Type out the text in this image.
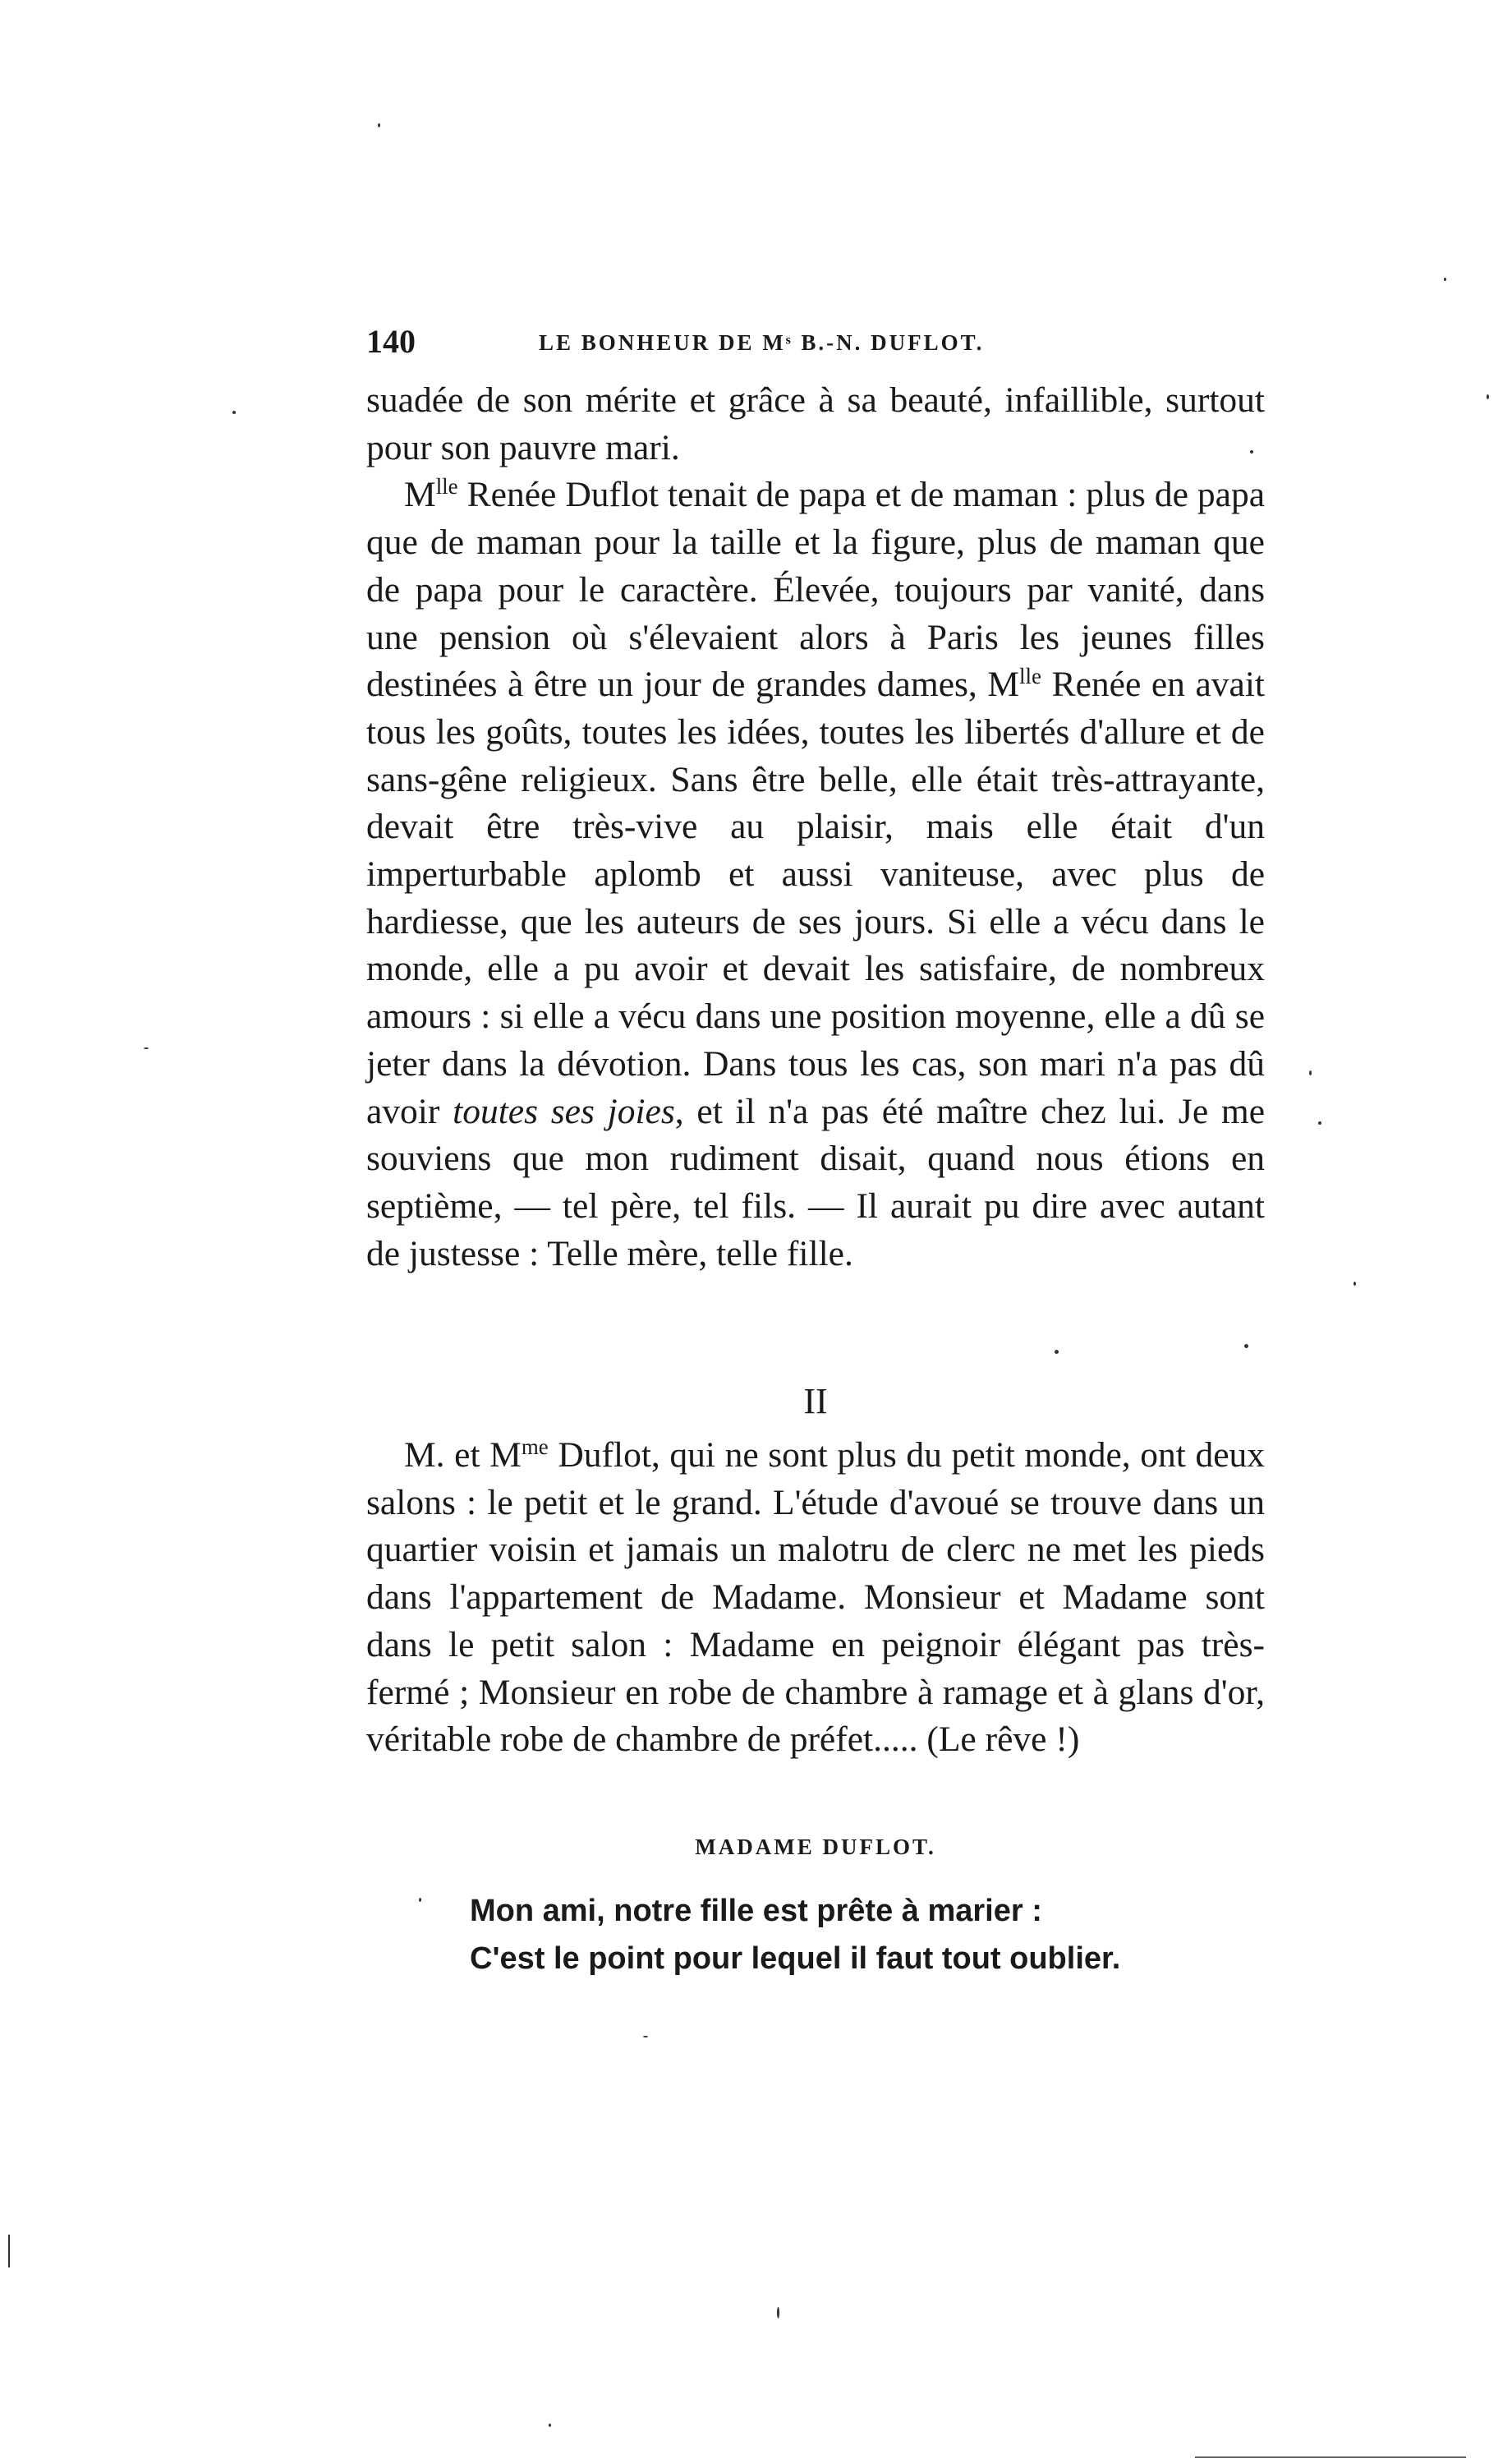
140	LE BONHEUR DE Mˢ B.-N. DUFLOT.

suadée de son mérite et grâce à sa beauté, infaillible, surtout pour son pauvre mari.

$M^{lle}$ Renée Duflot tenait de papa et de maman : plus de papa que de maman pour la taille et la figure, plus de maman que de papa pour le caractère. Élevée, toujours par vanité, dans une pension où s'élevaient alors à Paris les jeunes filles destinées à être un jour de grandes dames, $M^{lle}$ Renée en avait tous les goûts, toutes les idées, toutes les libertés d'allure et de sans-gêne religieux. Sans être belle, elle était très-attrayante, devait être très-vive au plaisir, mais elle était d'un imperturbable aplomb et aussi vaniteuse, avec plus de hardiesse, que les auteurs de ses jours. Si elle a vécu dans le monde, elle a pu avoir et devait les satisfaire, de nombreux amours : si elle a vécu dans une position moyenne, elle a dû se jeter dans la dévotion. Dans tous les cas, son mari n'a pas dû avoir toutes ses joies, et il n'a pas été maître chez lui. Je me souviens que mon rudiment disait, quand nous étions en septième, — tel père, tel fils. — Il aurait pu dire avec autant de justesse : Telle mère, telle fille.

II

M. et $M^{me}$ Duflot, qui ne sont plus du petit monde, ont deux salons : le petit et le grand. L'étude d'avoué se trouve dans un quartier voisin et jamais un malotru de clerc ne met les pieds dans l'appartement de Madame. Monsieur et Madame sont dans le petit salon : Madame en peignoir élégant pas très-fermé ; Monsieur en robe de chambre à ramage et à glans d'or, véritable robe de chambre de préfet..... (Le rêve !)

MADAME DUFLOT.
Mon ami, notre fille est prête à marier :
C'est le point pour lequel il faut tout oublier.
